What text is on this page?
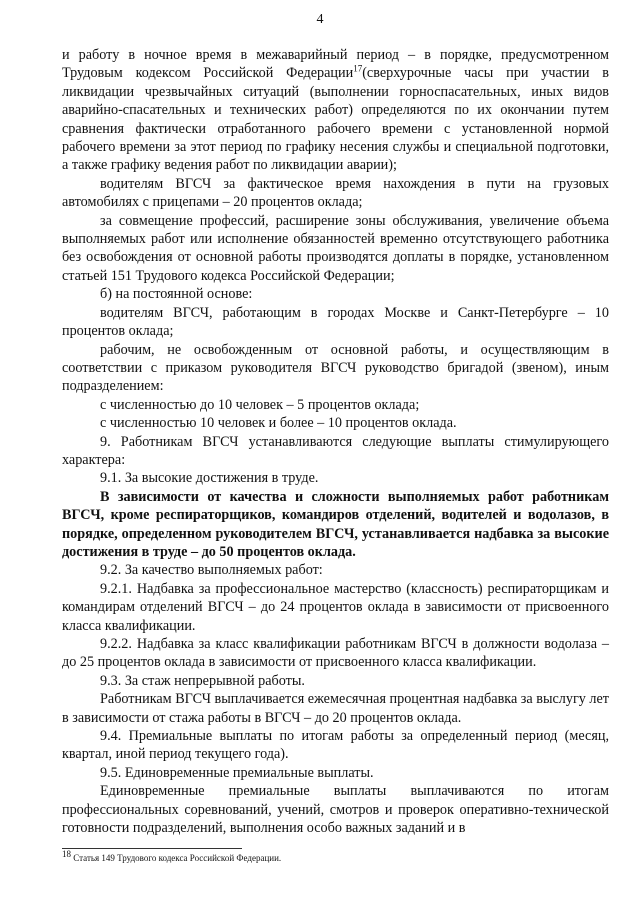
4

и работу в ночное время в межаварийный период – в порядке, предусмотренном Трудовым кодексом Российской Федерации$^{17}$(сверхурочные часы при участии в ликвидации чрезвычайных ситуаций (выполнении горноспасательных, иных видов аварийно-спасательных и технических работ) определяются по их окончании путем сравнения фактически отработанного рабочего времени с установленной нормой рабочего времени за этот период по графику несения службы и специальной подготовки, а также графику ведения работ по ликвидации аварии);

водителям ВГСЧ за фактическое время нахождения в пути на грузовых автомобилях с прицепами – 20 процентов оклада;

за совмещение профессий, расширение зоны обслуживания, увеличение объема выполняемых работ или исполнение обязанностей временно отсутствующего работника без освобождения от основной работы производятся доплаты в порядке, установленном статьей 151 Трудового кодекса Российской Федерации;

б) на постоянной основе:

водителям ВГСЧ, работающим в городах Москве и Санкт-Петербурге – 10 процентов оклада;

рабочим, не освобожденным от основной работы, и осуществляющим в соответствии с приказом руководителя ВГСЧ руководство бригадой (звеном), иным подразделением:

с численностью до 10 человек – 5 процентов оклада;

с численностью 10 человек и более – 10 процентов оклада.

9. Работникам ВГСЧ устанавливаются следующие выплаты стимулирующего характера:

9.1. За высокие достижения в труде.

В зависимости от качества и сложности выполняемых работ работникам ВГСЧ, кроме респираторщиков, командиров отделений, водителей и водолазов, в порядке, определенном руководителем ВГСЧ, устанавливается надбавка за высокие достижения в труде – до 50 процентов оклада.

9.2. За качество выполняемых работ:

9.2.1. Надбавка за профессиональное мастерство (классность) респираторщикам и командирам отделений ВГСЧ – до 24 процентов оклада в зависимости от присвоенного класса квалификации.

9.2.2. Надбавка за класс квалификации работникам ВГСЧ в должности водолаза – до 25 процентов оклада в зависимости от присвоенного класса квалификации.

9.3. За стаж непрерывной работы.

Работникам ВГСЧ выплачивается ежемесячная процентная надбавка за выслугу лет в зависимости от стажа работы в ВГСЧ – до 20 процентов оклада.

9.4. Премиальные выплаты по итогам работы за определенный период (месяц, квартал, иной период текущего года).

9.5. Единовременные премиальные выплаты.

Единовременные премиальные выплаты выплачиваются по итогам профессиональных соревнований, учений, смотров и проверок оперативно-технической готовности подразделений, выполнения особо важных заданий и в

$^{18}$ Статья 149 Трудового кодекса Российской Федерации.
